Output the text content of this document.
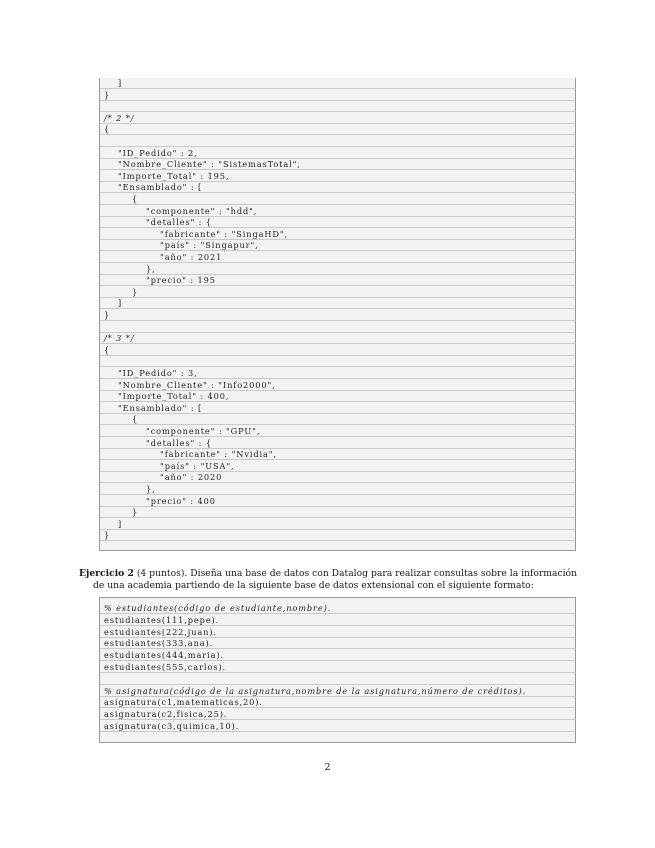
]
}
/* 2 */
{
"ID_Pedido" : 2,
"Nombre_Cliente" : "SistemasTotal",
"Importe_Total" : 195,
"Ensamblado" : [
{
"componente" : "hdd",
"detalles" : {
"fabricante" : "SingaHD",
"país" : "Singapur",
"año" : 2021
},
"precio" : 195
}
]
}
/* 3 */
{
"ID_Pedido" : 3,
"Nombre_Cliente" : "Info2000",
"Importe_Total" : 400,
"Ensamblado" : [
{
"componente" : "GPU",
"detalles" : {
"fabricante" : "Nvidia",
"país" : "USA",
"año" : 2020
},
"precio" : 400
}
]
}
Ejercicio 2 (4 puntos). Diseña una base de datos con Datalog para realizar consultas sobre la información
de una academia partiendo de la siguiente base de datos extensional con el siguiente formato:
% estudiantes(código de estudiante,nombre).
estudiantes(111,pepe).
estudiantes(222,juan).
estudiantes(333,ana).
estudiantes(444,maria).
estudiantes(555,carlos).
% asignatura(código de la asignatura,nombre de la asignatura,número de créditos).
asignatura(c1,matematicas,20).
asignatura(c2,fisica,25).
asignatura(c3,quimica,10).
2
